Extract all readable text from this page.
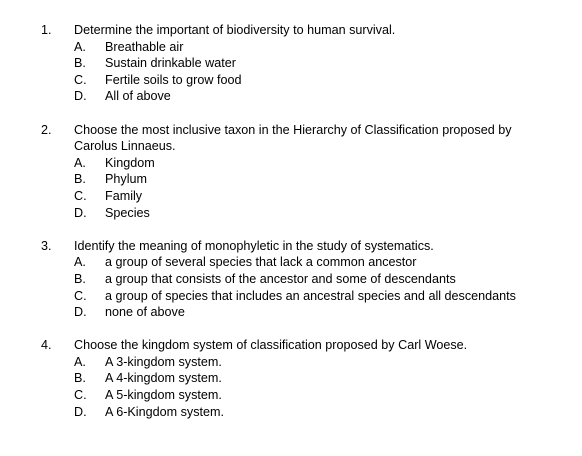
1. Determine the important of biodiversity to human survival.
A. Breathable air
B. Sustain drinkable water
C. Fertile soils to grow food
D. All of above
2. Choose the most inclusive taxon in the Hierarchy of Classification proposed by Carolus Linnaeus.
A. Kingdom
B. Phylum
C. Family
D. Species
3. Identify the meaning of monophyletic in the study of systematics.
A. a group of several species that lack a common ancestor
B. a group that consists of the ancestor and some of descendants
C. a group of species that includes an ancestral species and all descendants
D. none of above
4. Choose the kingdom system of classification proposed by Carl Woese.
A. A 3-kingdom system.
B. A 4-kingdom system.
C. A 5-kingdom system.
D. A 6-Kingdom system.
